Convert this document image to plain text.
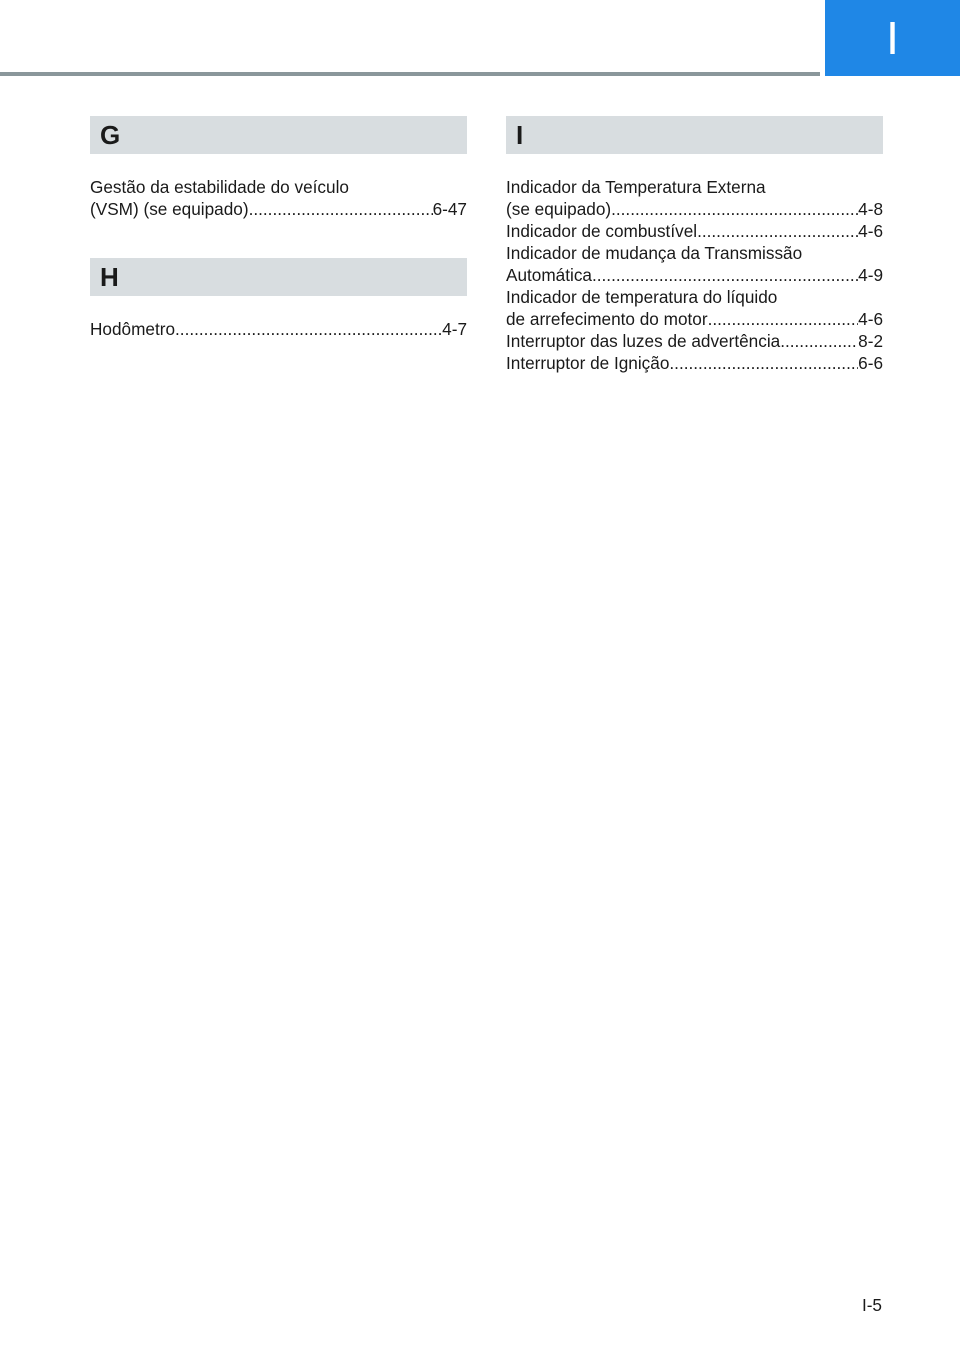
I
G
Gestão da estabilidade do veículo
(VSM) (se equipado) .....	6-47
H
Hodômetro .....	4-7
I
Indicador da Temperatura Externa
(se equipado) .....	4-8
Indicador de combustível .....	4-6
Indicador de mudança da Transmissão
Automática .....	4-9
Indicador de temperatura do líquido
de arrefecimento do motor .....	4-6
Interruptor das luzes de advertência .....	8-2
Interruptor de Ignição .....	6-6
I-5
